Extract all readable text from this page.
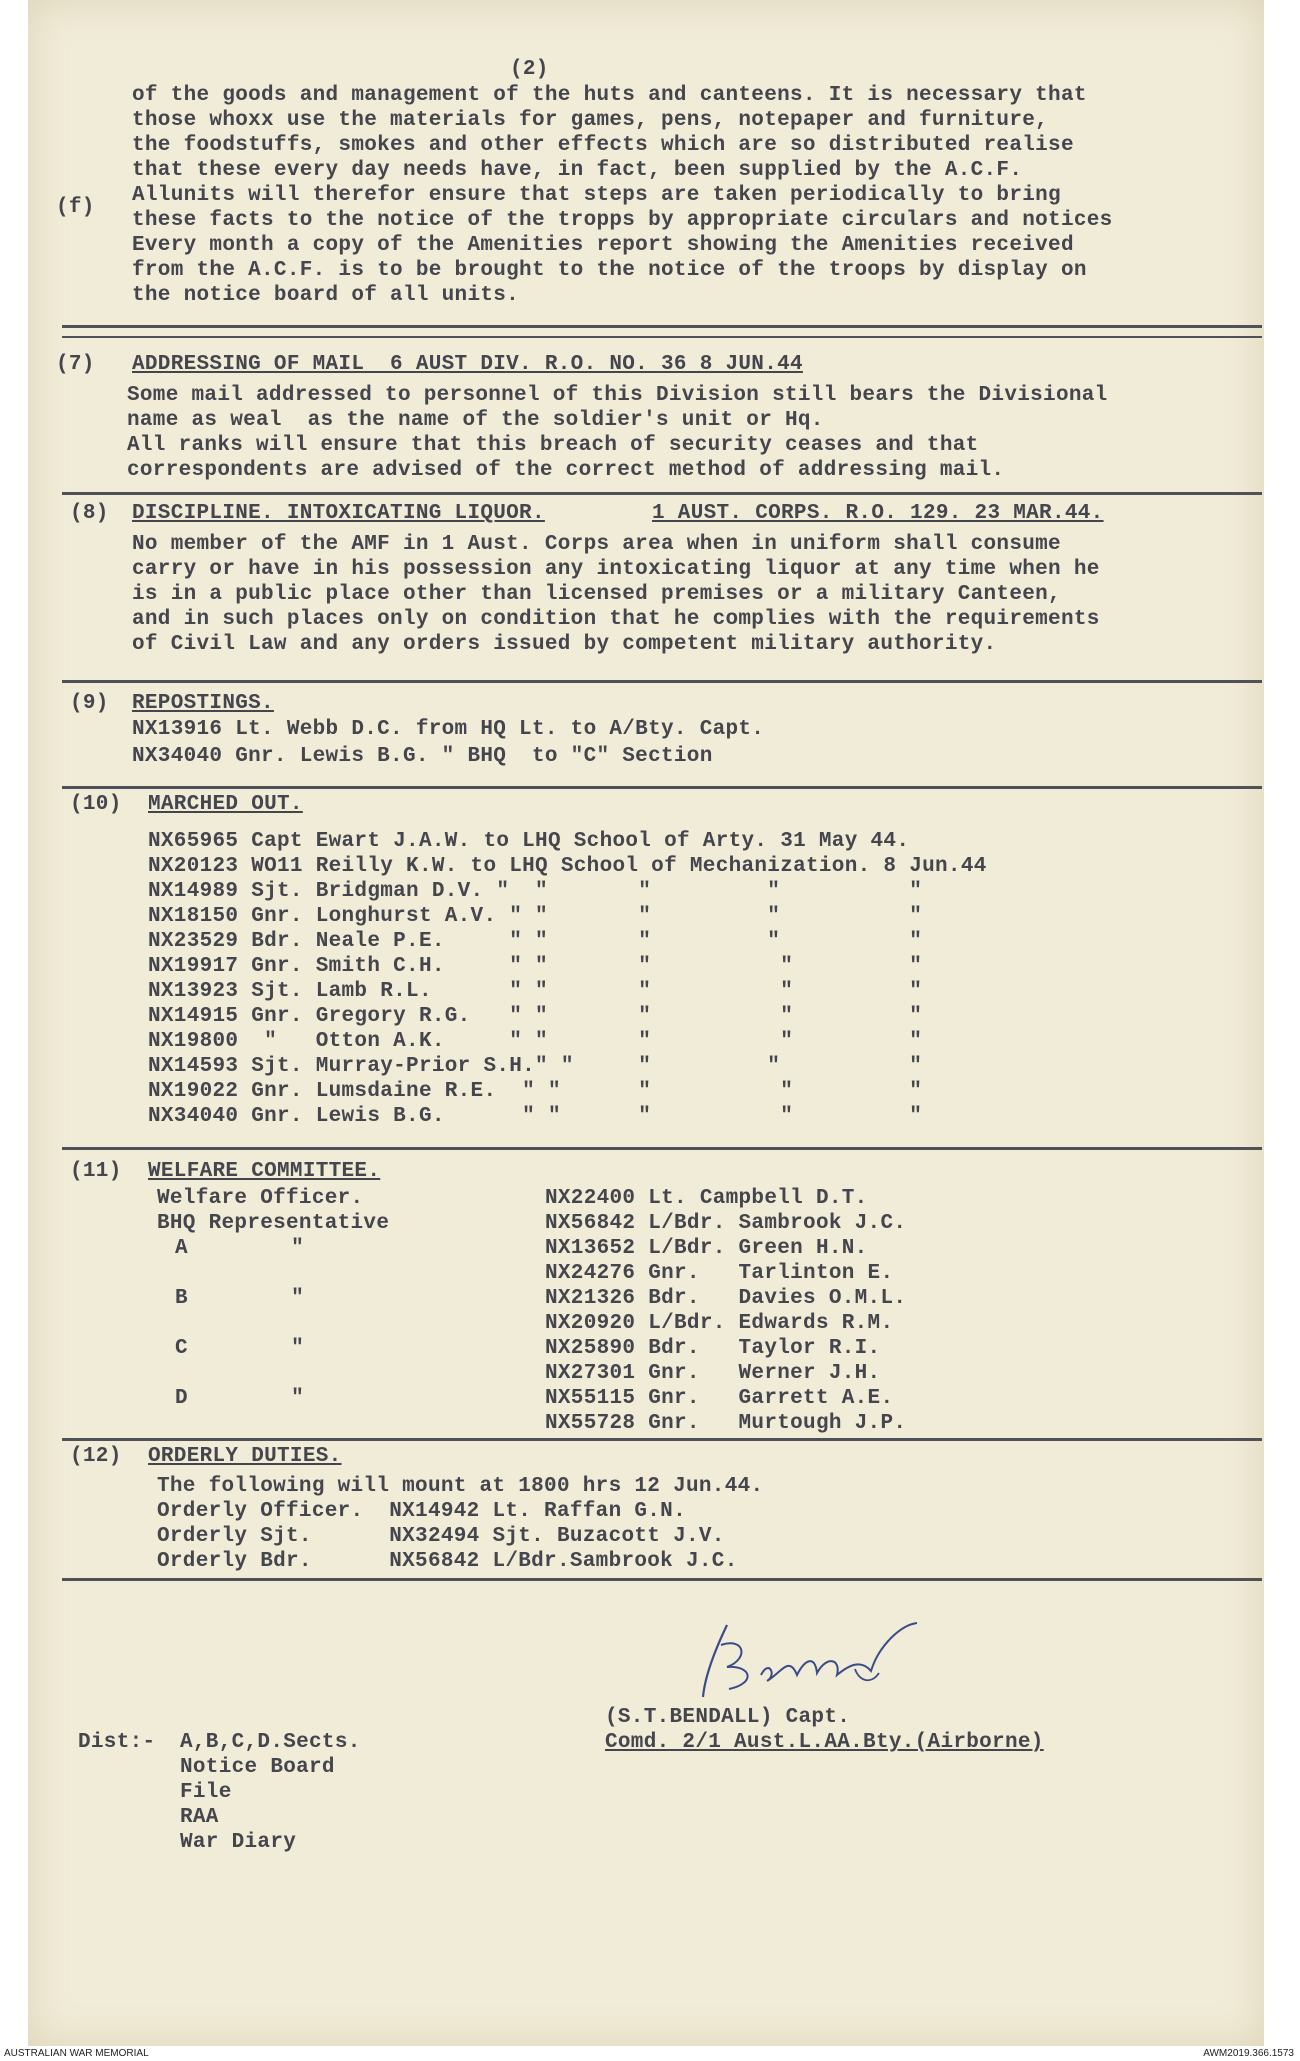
(2)
(f)
of the goods and management of the huts and canteens. It is necessary that
those whoxx use the materials for games, pens, notepaper and furniture,
the foodstuffs, smokes and other effects which are so distributed realise
that these every day needs have, in fact, been supplied by the A.C.F.
Allunits will therefor ensure that steps are taken periodically to bring
these facts to the notice of the tropps by appropriate circulars and notices
Every month a copy of the Amenities report showing the Amenities received
from the A.C.F. is to be brought to the notice of the troops by display on
the notice board of all units.
(7) ADDRESSING OF MAIL  6 AUST DIV. R.O. NO. 36 8 JUN.44
Some mail addressed to personnel of this Division still bears the Divisional
name as weal  as the name of the soldier's unit or Hq.
All ranks will ensure that this breach of security ceases and that
correspondents are advised of the correct method of addressing mail.
(8) DISCIPLINE. INTOXICATING LIQUOR.	1 AUST. CORPS. R.O. 129. 23 MAR.44.
No member of the AMF in 1 Aust. Corps area when in uniform shall consume
carry or have in his possession any intoxicating liquor at any time when he
is in a public place other than licensed premises or a military Canteen,
and in such places only on condition that he complies with the requirements
of Civil Law and any orders issued by competent military authority.
(9) REPOSTINGS.
NX13916 Lt. Webb D.C. from HQ Lt. to A/Bty. Capt.
NX34040 Gnr. Lewis B.G. " BHQ  to "C" Section
(10) MARCHED OUT.
NX65965 Capt Ewart J.A.W. to LHQ School of Arty. 31 May 44.
NX20123 WO11 Reilly K.W. to LHQ School of Mechanization. 8 Jun.44
NX14989 Sjt. Bridgman D.V. "  "       "         "          "
NX18150 Gnr. Longhurst A.V. " "       "         "          "
NX23529 Bdr. Neale P.E.     " "       "         "          "
NX19917 Gnr. Smith C.H.     " "       "          "         "
NX13923 Sjt. Lamb R.L.      " "       "          "         "
NX14915 Gnr. Gregory R.G.   " "       "          "         "
NX19800  "   Otton A.K.     " "       "          "         "
NX14593 Sjt. Murray-Prior S.H." "     "         "          "
NX19022 Gnr. Lumsdaine R.E.  " "      "          "         "
NX34040 Gnr. Lewis B.G.      " "      "          "         "
(11) WELFARE COMMITTEE.
Welfare Officer.
BHQ Representative
A        "
B        "
C        "
D        "
NX22400 Lt. Campbell D.T.
NX56842 L/Bdr. Sambrook J.C.
NX13652 L/Bdr. Green H.N.
NX24276 Gnr.   Tarlinton E.
NX21326 Bdr.   Davies O.M.L.
NX20920 L/Bdr. Edwards R.M.
NX25890 Bdr.   Taylor R.I.
NX27301 Gnr.   Werner J.H.
NX55115 Gnr.   Garrett A.E.
NX55728 Gnr.   Murtough J.P.
(12) ORDERLY DUTIES.
The following will mount at 1800 hrs 12 Jun.44.
Orderly Officer.  NX14942 Lt. Raffan G.N.
Orderly Sjt.      NX32494 Sjt. Buzacott J.V.
Orderly Bdr.      NX56842 L/Bdr.Sambrook J.C.
(S.T.BENDALL) Capt.
Comd. 2/1 Aust.L.AA.Bty.(Airborne)
Dist:- A,B,C,D.Sects.
Notice Board
File
RAA
War Diary
AUSTRALIAN WAR MEMORIAL	AWM2019.366.1573
